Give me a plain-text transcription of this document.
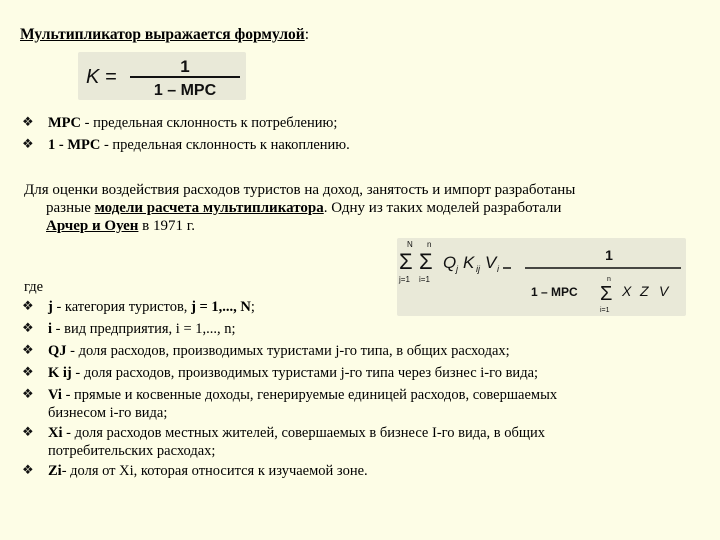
Мультипликатор выражается формулой:
K =	1
1 – MPC
❖ MPC - предельная склонность к потреблению;
❖ 1 - MPC - предельная склонность к накоплению.
Для оценки воздействия расходов туристов на доход, занятость и импорт разработаны
разные модели расчета мультипликатора. Одну из таких моделей разработали
Арчер и Оуен в 1971 г.
N
Σ
j=1
n
Σ
i=1
Q j K ij V i
1
1 – MPC
n
Σ
i=1
X Z V
где
❖ j - категория туристов, j = 1,..., N;
❖ i - вид предприятия, i = 1,..., n;
❖ QJ - доля расходов, производимых туристами j-го типа, в общих расходах;
❖ K ij - доля расходов, производимых туристами j-го типа через бизнес i-го вида;
❖ Vi - прямые и косвенные доходы, генерируемые единицей расходов, совершаемых
бизнесом i-го вида;
❖ Xi - доля расходов местных жителей, совершаемых в бизнесе I-го вида, в общих
потребительских расходах;
❖ Zi- доля от Xi, которая относится к изучаемой зоне.
